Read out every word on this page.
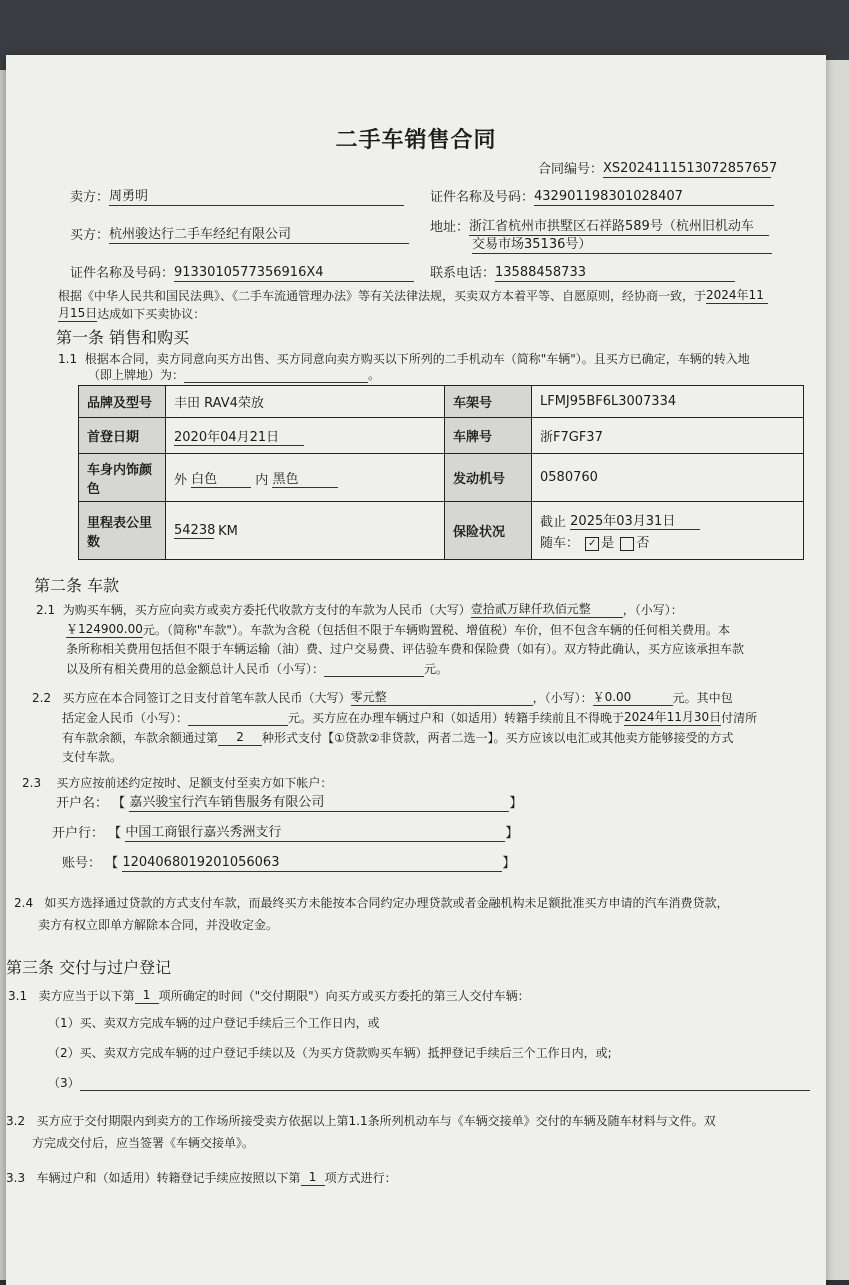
二手车销售合同
合同编号：XS20241115130728576​57
卖方：周勇明	证件名称及号码：432901198301028407
买方：杭州骏达行二手车经纪有限公司	地址：浙江省杭州市拱墅区石祥路589号（杭州旧机动车
交易市场35136号）
证件名称及号码：91330105773569​16X4	联系电话：13588458733
根据《中华人民共和国民法典》、《二手车流通管理办法》等有关法律法规，买卖双方本着平等、自愿原则，经协商一致，于2024年11
月15日达成如下买卖协议：
第一条 销售和购买
1.1 根据本合同，卖方同意向买方出售、买方同意向卖方购买以下所列的二手机动车（简称"车辆"）。且买方已确定，车辆的转入地
（即上牌地）为：	。
品牌及型号	丰田 RAV4荣放	车架号	LFMJ95BF6L3007334
首登日期	2020年04月21日	车牌号	浙F7GF37
车身内饰颜色	外 白色 内 黑色	发动机号	0580760
里程表公里数	54238 KM	保险状况	截止 2025年03月31日
随车： ✓ 是 否
第二条 车款
2.1 为购买车辆，买方应向卖方或卖方委托代收款方支付的车款为人民币（大写）壹拾贰万肆仟玖佰元整	，（小写）：
￥124900.00元。（简称"车款"）。车款为含税（包括但不限于车辆购置税、增值税）车价，但不包含车辆的任何相关费用。本
条所称相关费用包括但不限于车辆运输（油）费、过户交易费、评估验车费和保险费（如有）。双方特此确认，买方应该承担车款
以及所有相关费用的总金额总计人民币（小写）：	元。
2.2 买方应在本合同签订之日支付首笔车款人民币（大写）零元整	，（小写）：￥0.00	元。其中包
括定金人民币（小写）：	元。买方应在办理车辆过户和（如适用）转籍手续前且不得晚于2024年11月30日付清所
有车款余额，车款余额通过第 2 种形式支付【①贷款②非贷款，两者二选一】。买方应该以电汇或其他卖方能够接受的方式
支付车款。
2.3 买方应按前述约定按时、足额支付至卖方如下帐户：
开户名： 【 嘉兴骏宝行汽车销售服务有限公司	】
开户行： 【 中国工商银行嘉兴秀洲支行	】
账号： 【 1204068019201056063	】
2.4 如买方选择通过贷款的方式支付车款，而最终买方未能按本合同约定办理贷款或者金融机构未足额批准买方申请的汽车消费贷款，
卖方有权立即单方解除本合同，并没收定金。
第三条 交付与过户登记
3.1 卖方应当于以下第 1 项所确定的时间（"交付期限"）向买方或买方委托的第三人交付车辆：
（1）买、卖双方完成车辆的过户登记手续后三个工作日内，或
（2）买、卖双方完成车辆的过户登记手续以及（为买方贷款购买车辆）抵押登记手续后三个工作日内，或;
（3）
3.2 买方应于交付期限内到卖方的工作场所接受卖方依据以上第1.1条所列机动车与《车辆交接单》交付的车辆及随车材料与文件。双
方完成交付后，应当签署《车辆交接单》。
3.3 车辆过户和（如适用）转籍登记手续应按照以下第 1 项方式进行：
